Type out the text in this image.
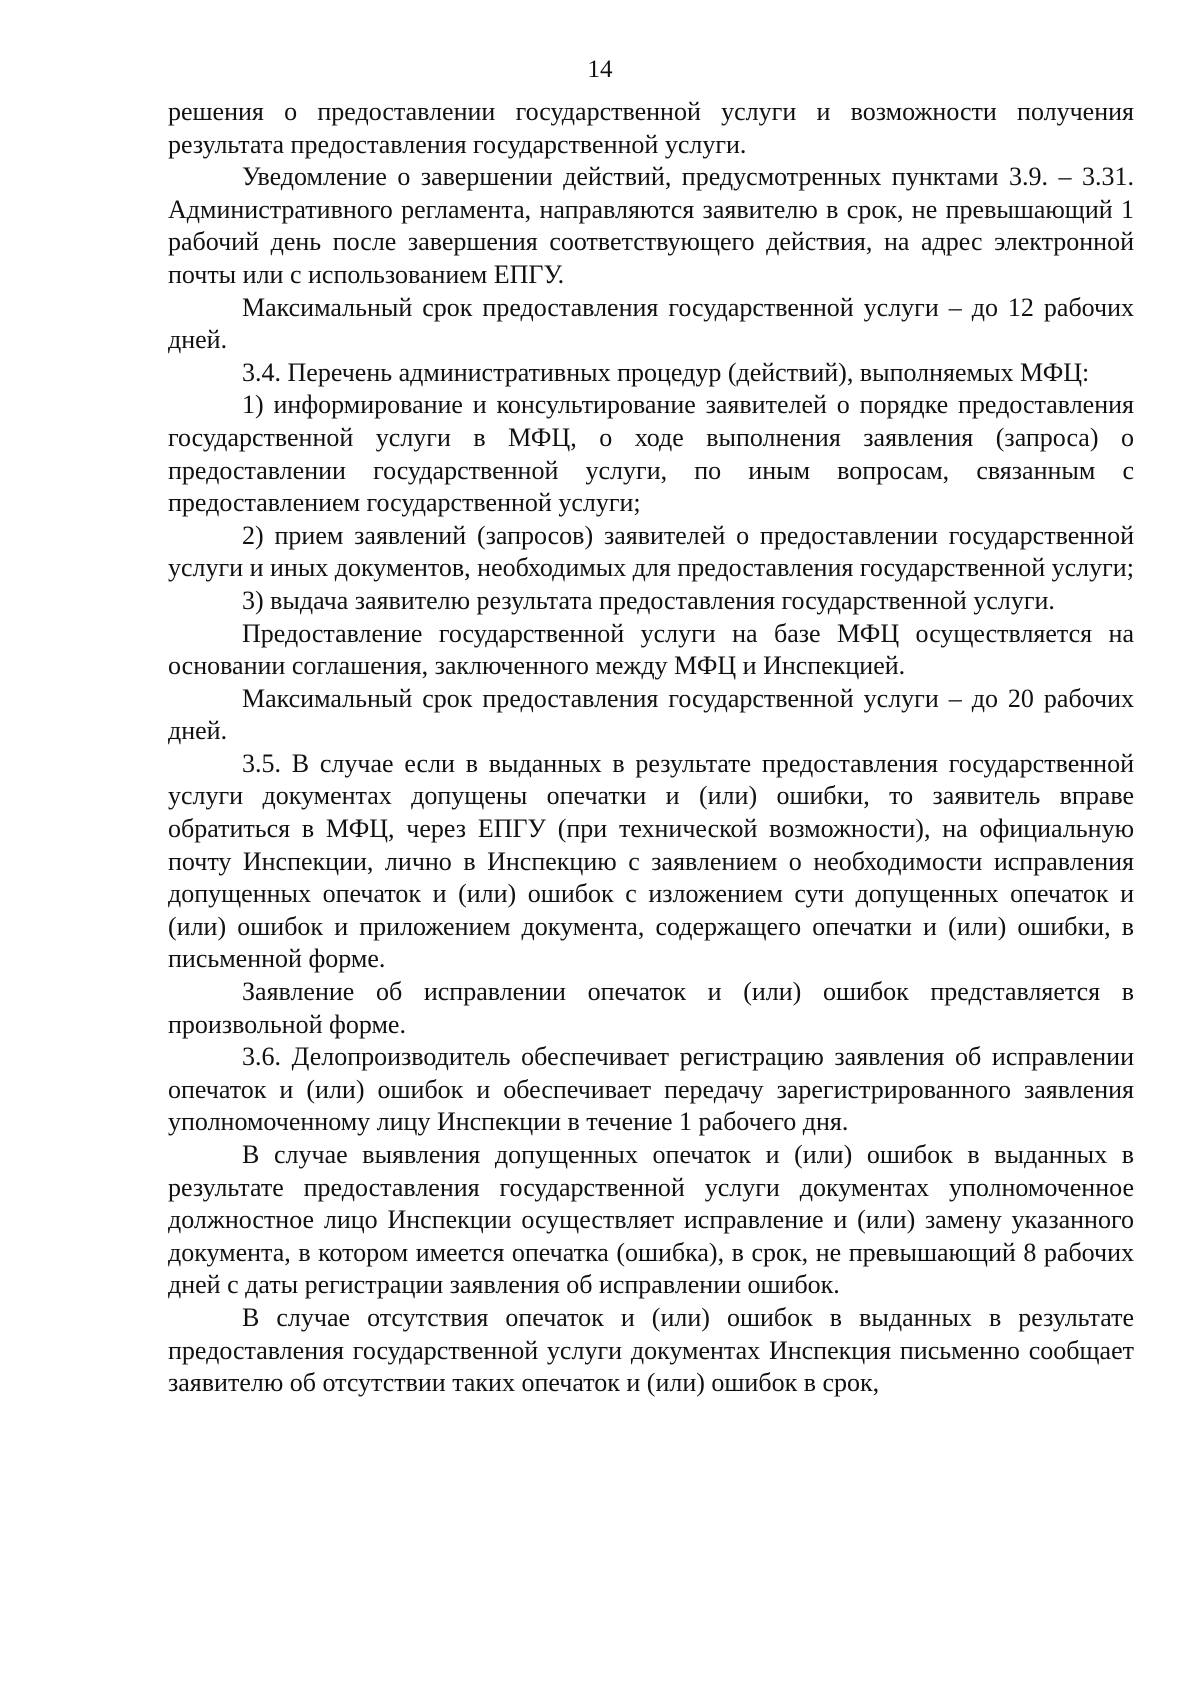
14

решения о предоставлении государственной услуги и возможности получения результата предоставления государственной услуги.

Уведомление о завершении действий, предусмотренных пунктами 3.9. – 3.31. Административного регламента, направляются заявителю в срок, не превышающий 1 рабочий день после завершения соответствующего действия, на адрес электронной почты или с использованием ЕПГУ.

Максимальный срок предоставления государственной услуги – до 12 рабочих дней.

3.4. Перечень административных процедур (действий), выполняемых МФЦ:

1) информирование и консультирование заявителей о порядке предоставления государственной услуги в МФЦ, о ходе выполнения заявления (запроса) о предоставлении государственной услуги, по иным вопросам, связанным с предоставлением государственной услуги;

2) прием заявлений (запросов) заявителей о предоставлении государственной услуги и иных документов, необходимых для предоставления государственной услуги;

3) выдача заявителю результата предоставления государственной услуги.

Предоставление государственной услуги на базе МФЦ осуществляется на основании соглашения, заключенного между МФЦ и Инспекцией.

Максимальный срок предоставления государственной услуги – до 20 рабочих дней.

3.5. В случае если в выданных в результате предоставления государственной услуги документах допущены опечатки и (или) ошибки, то заявитель вправе обратиться в МФЦ, через ЕПГУ (при технической возможности), на официальную почту Инспекции, лично в Инспекцию с заявлением о необходимости исправления допущенных опечаток и (или) ошибок с изложением сути допущенных опечаток и (или) ошибок и приложением документа, содержащего опечатки и (или) ошибки, в письменной форме.

Заявление об исправлении опечаток и (или) ошибок представляется в произвольной форме.

3.6. Делопроизводитель обеспечивает регистрацию заявления об исправлении опечаток и (или) ошибок и обеспечивает передачу зарегистрированного заявления уполномоченному лицу Инспекции в течение 1 рабочего дня.

В случае выявления допущенных опечаток и (или) ошибок в выданных в результате предоставления государственной услуги документах уполномоченное должностное лицо Инспекции осуществляет исправление и (или) замену указанного документа, в котором имеется опечатка (ошибка), в срок, не превышающий 8 рабочих дней с даты регистрации заявления об исправлении ошибок.

В случае отсутствия опечаток и (или) ошибок в выданных в результате предоставления государственной услуги документах Инспекция письменно сообщает заявителю об отсутствии таких опечаток и (или) ошибок в срок,
